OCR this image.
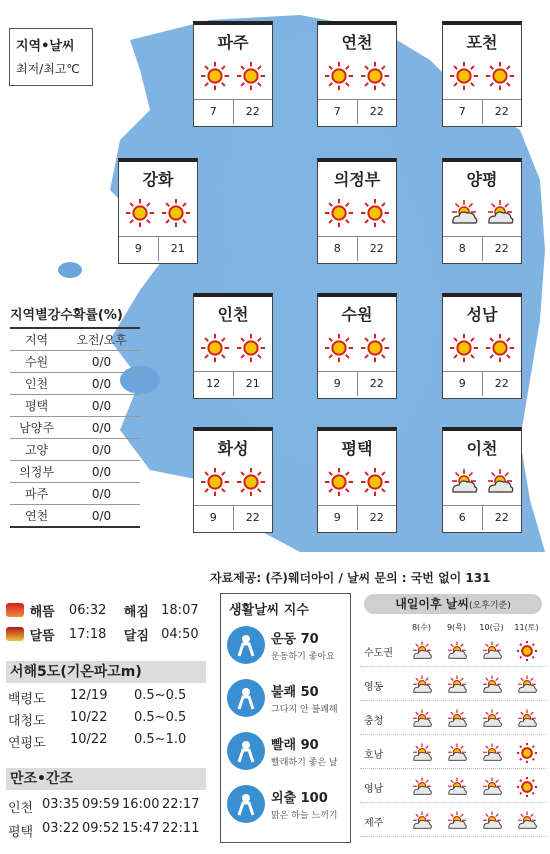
지역•날씨
최저/최고℃
파주
7	22
연천
7	22
포천
7	22
강화
9	21
의정부
8	22
양평
8	22
인천
12	21
수원
9	22
성남
9	22
화성
9	22
평택
9	22
이천
6	22
지역별강수확률(%)
지역	오전/오후
수원	0/0
인천	0/0
평택	0/0
남양주	0/0
고양	0/0
의정부	0/0
파주	0/0
연천	0/0
자료제공: (주)웨더아이 / 날씨 문의 : 국번 없이 131
해뜸 06:32	해짐 18:07
달뜸 17:18	달짐 04:50
서해5도(기온파고m)
백령도	12/19	0.5∼0.5
대청도	10/22	0.5∼0.5
연평도	10/22	0.5∼1.0
만조•간조
인천 03:35 09:59 16:00 22:17
평택 03:22 09:52 15:47 22:11
생활날씨 지수
운동 70
운동하기 좋아요
불쾌 50
그다지 안 불쾌해
빨래 90
빨래하기 좋은 날
외출 100
맑은 하늘 느끼기
내일이후 날씨(오후기준)
8(수)	9(목)	10(금)	11(토)
수도권
영동
충청
호남
영남
제주
